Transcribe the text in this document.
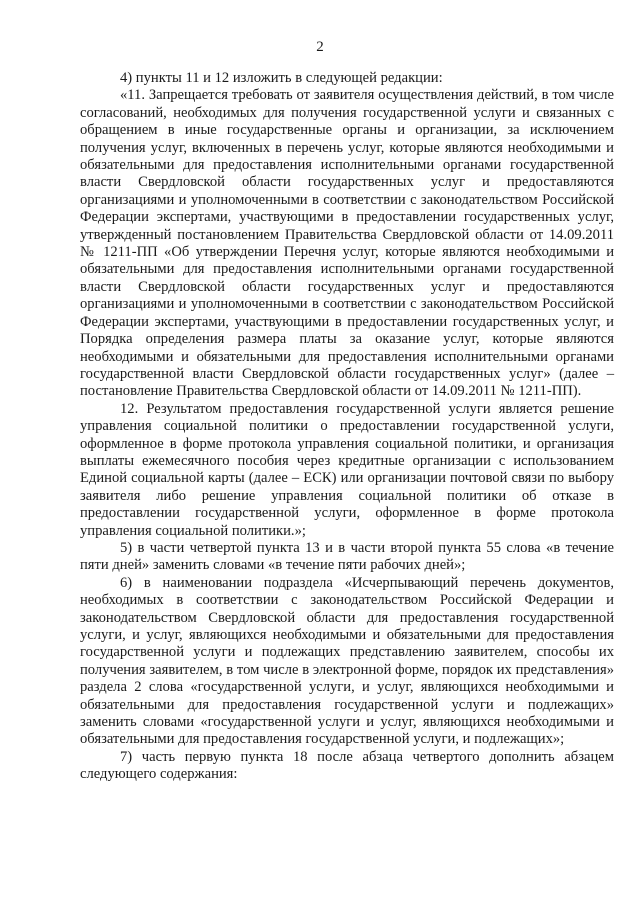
2

4) пункты 11 и 12 изложить в следующей редакции:

«11. Запрещается требовать от заявителя осуществления действий, в том числе согласований, необходимых для получения государственной услуги и связанных с обращением в иные государственные органы и организации, за исключением получения услуг, включенных в перечень услуг, которые являются необходимыми и обязательными для предоставления исполнительными органами государственной власти Свердловской области государственных услуг и предоставляются организациями и уполномоченными в соответствии с законодательством Российской Федерации экспертами, участвующими в предоставлении государственных услуг, утвержденный постановлением Правительства Свердловской области от 14.09.2011 № 1211-ПП «Об утверждении Перечня услуг, которые являются необходимыми и обязательными для предоставления исполнительными органами государственной власти Свердловской области государственных услуг и предоставляются организациями и уполномоченными в соответствии с законодательством Российской Федерации экспертами, участвующими в предоставлении государственных услуг, и Порядка определения размера платы за оказание услуг, которые являются необходимыми и обязательными для предоставления исполнительными органами государственной власти Свердловской области государственных услуг» (далее – постановление Правительства Свердловской области от 14.09.2011 № 1211-ПП).

12. Результатом предоставления государственной услуги является решение управления социальной политики о предоставлении государственной услуги, оформленное в форме протокола управления социальной политики, и организация выплаты ежемесячного пособия через кредитные организации с использованием Единой социальной карты (далее – ЕСК) или организации почтовой связи по выбору заявителя либо решение управления социальной политики об отказе в предоставлении государственной услуги, оформленное в форме протокола управления социальной политики.»;

5) в части четвертой пункта 13 и в части второй пункта 55 слова «в течение пяти дней» заменить словами «в течение пяти рабочих дней»;

6) в наименовании подраздела «Исчерпывающий перечень документов, необходимых в соответствии с законодательством Российской Федерации и законодательством Свердловской области для предоставления государственной услуги, и услуг, являющихся необходимыми и обязательными для предоставления государственной услуги и подлежащих представлению заявителем, способы их получения заявителем, в том числе в электронной форме, порядок их представления» раздела 2 слова «государственной услуги, и услуг, являющихся необходимыми и обязательными для предоставления государственной услуги и подлежащих» заменить словами «государственной услуги и услуг, являющихся необходимыми и обязательными для предоставления государственной услуги, и подлежащих»;

7) часть первую пункта 18 после абзаца четвертого дополнить абзацем следующего содержания:
